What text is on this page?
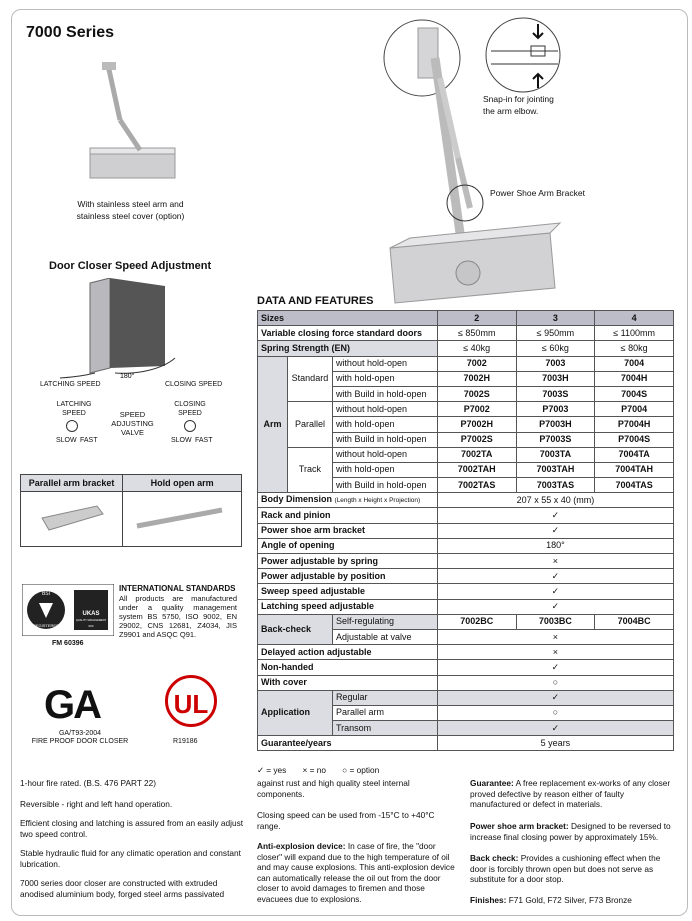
7000 Series
With stainless steel arm and stainless steel cover (option)
Snap-in for jointing the arm elbow.
Power Shoe Arm Bracket
Door Closer Speed Adjustment
180°
LATCHING SPEED	CLOSING SPEED
LATCHING SPEED
CLOSING SPEED
SPEED ADJUSTING VALVE
SLOW FAST	SLOW FAST
Parallel arm bracket	Hold open arm

BSI
REGISTERED
UKAS
QUALITY MANAGEMENT
003
FM 60396
INTERNATIONAL STANDARDS
All products are manufactured under a quality management system BS 5750, ISO 9002, EN 29002, CNS 12681, Z4034, JIS Z9901 and ASQC Q91.
GA
GA/T93-2004
FIRE PROOF DOOR CLOSER
UL
R19186
DATA AND FEATURES
Sizes			2	3	4
Variable closing force standard doors			≤ 850mm	≤ 950mm	≤ 1100mm
Spring Strength (EN)			≤ 40kg	≤ 60kg	≤ 80kg
Arm	Standard	without hold-open	7002	7003	7004
		with hold-open	7002H	7003H	7004H
		with Build in hold-open	7002S	7003S	7004S
	Parallel	without hold-open	P7002	P7003	P7004
		with hold-open	P7002H	P7003H	P7004H
		with Build in hold-open	P7002S	P7003S	P7004S
	Track	without hold-open	7002TA	7003TA	7004TA
		with hold-open	7002TAH	7003TAH	7004TAH
		with Build in hold-open	7002TAS	7003TAS	7004TAS
Body Dimension (Length x Height x Projection)			207 x 55 x 40 (mm)		
Rack and pinion			✓		
Power shoe arm bracket			✓		
Angle of opening			180°		
Power adjustable by spring			×		
Power adjustable by position			✓		
Sweep speed adjustable			✓		
Latching speed adjustable			✓		
Back-check		Self-regulating	7002BC	7003BC	7004BC
		Adjustable at valve	×		
Delayed action adjustable			×		
Non-handed			✓		
With cover			○		
Application		Regular	✓		
		Parallel arm	○		
		Transom	✓		
Guarantee/years			5 years		
✓ = yes × = no ○ = option
1-hour fire rated. (B.S. 476 PART 22)
Reversible - right and left hand operation.
Efficient closing and latching is assured from an easily adjust two speed control.
Stable hydraulic fluid for any climatic operation and constant lubrication.
7000 series door closer are constructed with extruded anodised aluminium body, forged steel arms passivated
against rust and high quality steel internal components.
Closing speed can be used from -15°C to +40°C range.
Anti-explosion device: In case of fire, the "door closer" will expand due to the high temperature of oil and may cause explosions. This anti-explosion device can automatically release the oil out from the door closer to avoid damages to firemen and those evacuees due to explosions.
Guarantee: A free replacement ex-works of any closer proved defective by reason either of faulty manufactured or defect in materials.
Power shoe arm bracket: Designed to be reversed to increase final closing power by approximately 15%.
Back check: Provides a cushioning effect when the door is forcibly thrown open but does not serve as substitute for a door stop.
Finishes: F71 Gold, F72 Silver, F73 Bronze
